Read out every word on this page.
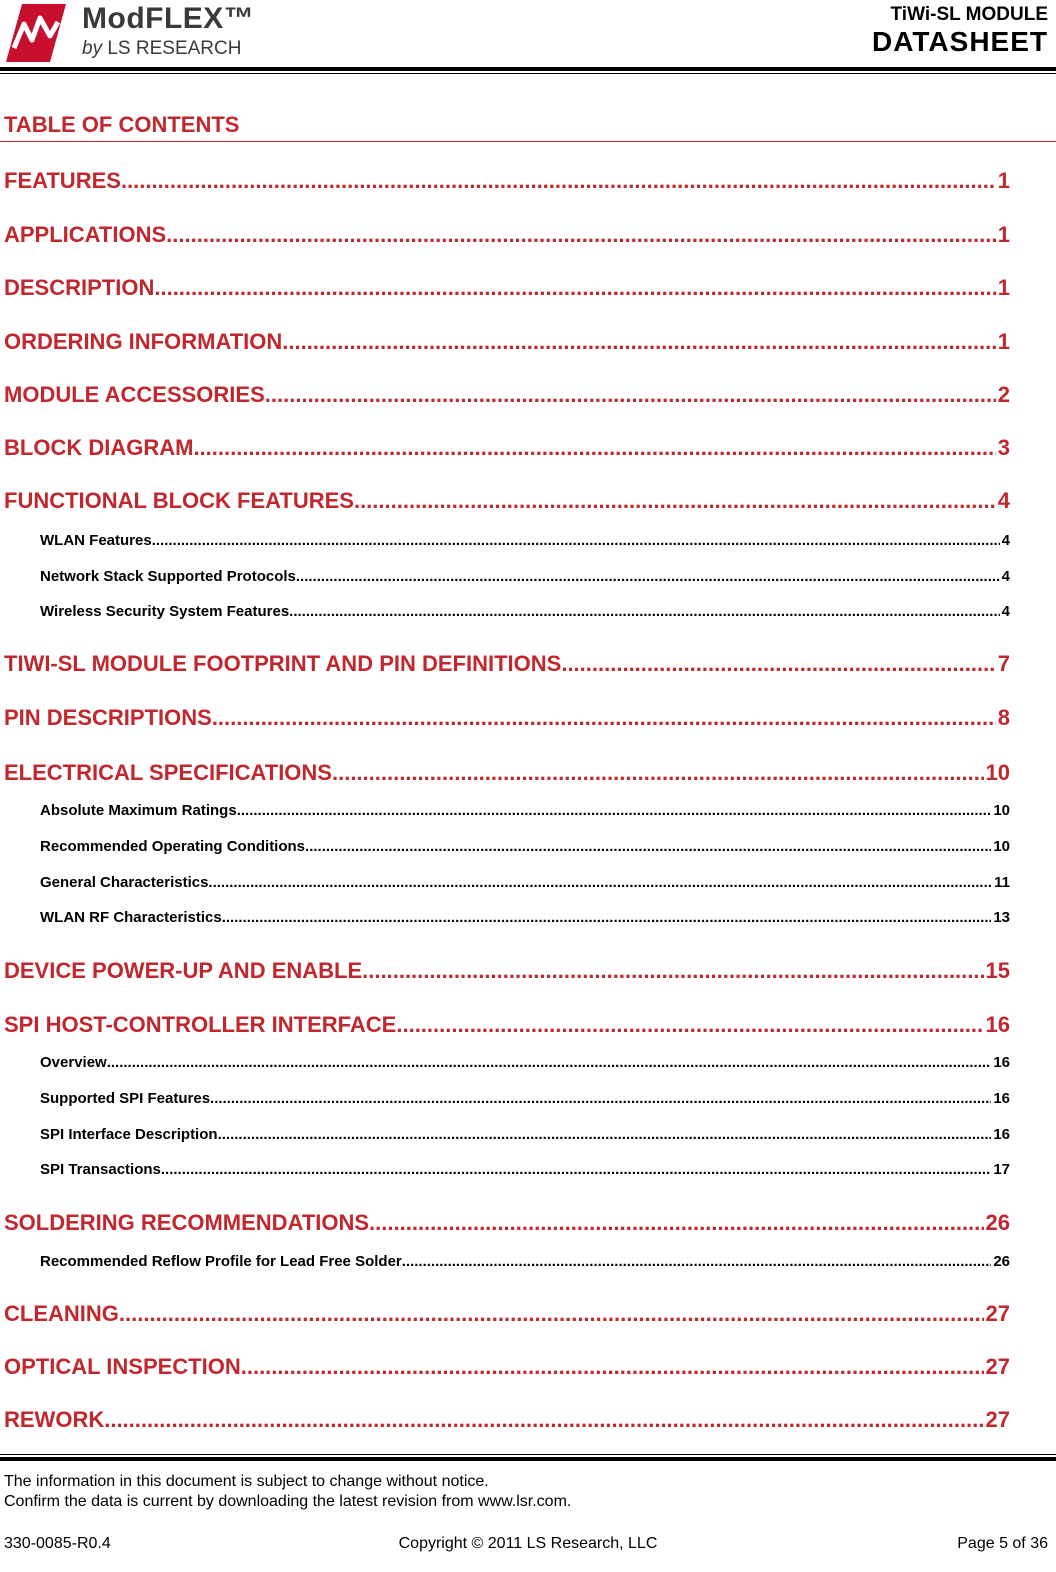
ModFLEX™
by LS RESEARCH
TiWi-SL MODULE
DATASHEET
TABLE OF CONTENTS
FEATURES .....	1
APPLICATIONS .....	1
DESCRIPTION .....	1
ORDERING INFORMATION .....	1
MODULE ACCESSORIES .....	2
BLOCK DIAGRAM .....	3
FUNCTIONAL BLOCK FEATURES .....	4
WLAN Features .....	4
Network Stack Supported Protocols .....	4
Wireless Security System Features .....	4
TIWI-SL MODULE FOOTPRINT AND PIN DEFINITIONS .....	7
PIN DESCRIPTIONS .....	8
ELECTRICAL SPECIFICATIONS .....	10
Absolute Maximum Ratings .....	10
Recommended Operating Conditions .....	10
General Characteristics .....	11
WLAN RF Characteristics .....	13
DEVICE POWER-UP AND ENABLE .....	15
SPI HOST-CONTROLLER INTERFACE .....	16
Overview .....	16
Supported SPI Features .....	16
SPI Interface Description .....	16
SPI Transactions .....	17
SOLDERING RECOMMENDATIONS .....	26
Recommended Reflow Profile for Lead Free Solder .....	26
CLEANING .....	27
OPTICAL INSPECTION .....	27
REWORK .....	27
The information in this document is subject to change without notice.
Confirm the data is current by downloading the latest revision from www.lsr.com.
330-0085-R0.4	Copyright © 2011 LS Research, LLC	Page 5 of 36
